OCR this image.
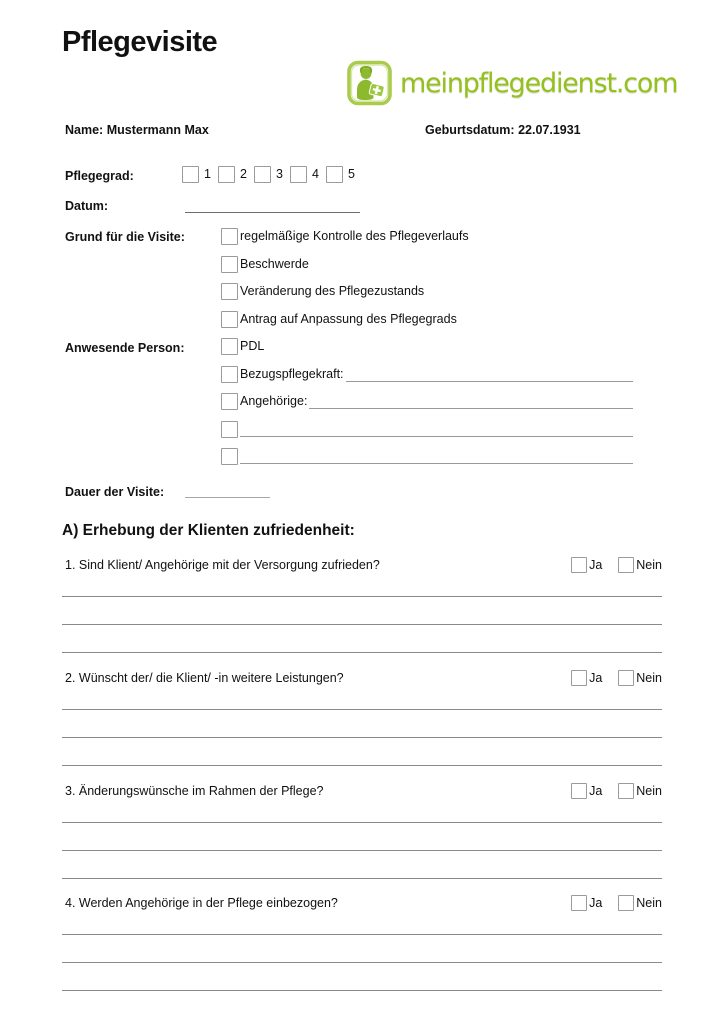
Pflegevisite
meinpflegedienst.com
Name: Mustermann Max	Geburtsdatum: 22.07.1931
Pflegegrad:	1 2 3 4 5
Datum:
Grund für die Visite:	regelmäßige Kontrolle des Pflegeverlaufs
Beschwerde
Veränderung des Pflegezustands
Antrag auf Anpassung des Pflegegrads
Anwesende Person:	PDL
Bezugspflegekraft:
Angehörige:
Dauer der Visite:
A) Erhebung der Klienten zufriedenheit:
1. Sind Klient/ Angehörige mit der Versorgung zufrieden?	Ja	Nein
2. Wünscht der/ die Klient/ -in weitere Leistungen?	Ja	Nein
3. Änderungswünsche im Rahmen der Pflege?	Ja	Nein
4. Werden Angehörige in der Pflege einbezogen?	Ja	Nein
